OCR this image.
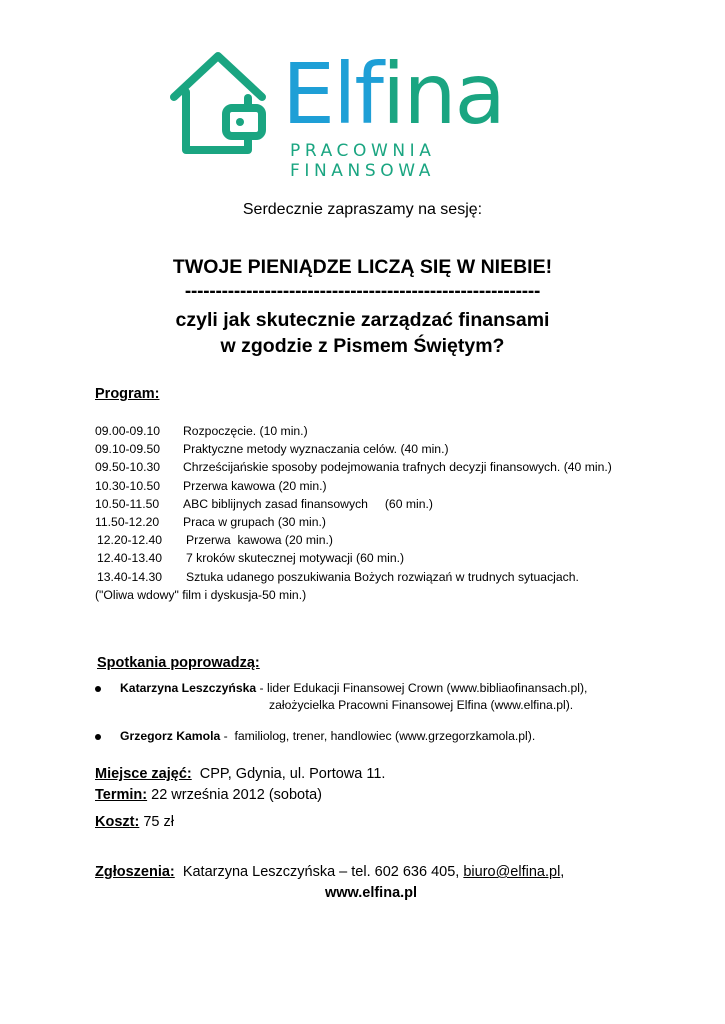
Elfina
PRACOWNIA FINANSOWA
Serdecznie zapraszamy na sesję:
TWOJE PIENIĄDZE LICZĄ SIĘ W NIEBIE!
----------------------------------------------------------
czyli jak skutecznie zarządzać finansami
w zgodzie z Pismem Świętym?
Program:
09.00-09.10 Rozpoczęcie. (10 min.)
09.10-09.50 Praktyczne metody wyznaczania celów. (40 min.)
09.50-10.30 Chrześcijańskie sposoby podejmowania trafnych decyzji finansowych. (40 min.)
10.30-10.50 Przerwa kawowa (20 min.)
10.50-11.50 ABC biblijnych zasad finansowych     (60 min.)
11.50-12.20 Praca w grupach (30 min.)
12.20-12.40 Przerwa  kawowa (20 min.)
12.40-13.40 7 kroków skutecznej motywacji (60 min.)
13.40-14.30 Sztuka udanego poszukiwania Bożych rozwiązań w trudnych sytuacjach.
("Oliwa wdowy" film i dyskusja-50 min.)
Spotkania poprowadzą:
Katarzyna Leszczyńska - lider Edukacji Finansowej Crown (www.bibliaofinansach.pl),
założycielka Pracowni Finansowej Elfina (www.elfina.pl).
Grzegorz Kamola -  familiolog, trener, handlowiec (www.grzegorzkamola.pl).
Miejsce zajęć:  CPP, Gdynia, ul. Portowa 11.
Termin: 22 września 2012 (sobota)
Koszt: 75 zł
Zgłoszenia:  Katarzyna Leszczyńska – tel. 602 636 405, biuro@elfina.pl,
www.elfina.pl
